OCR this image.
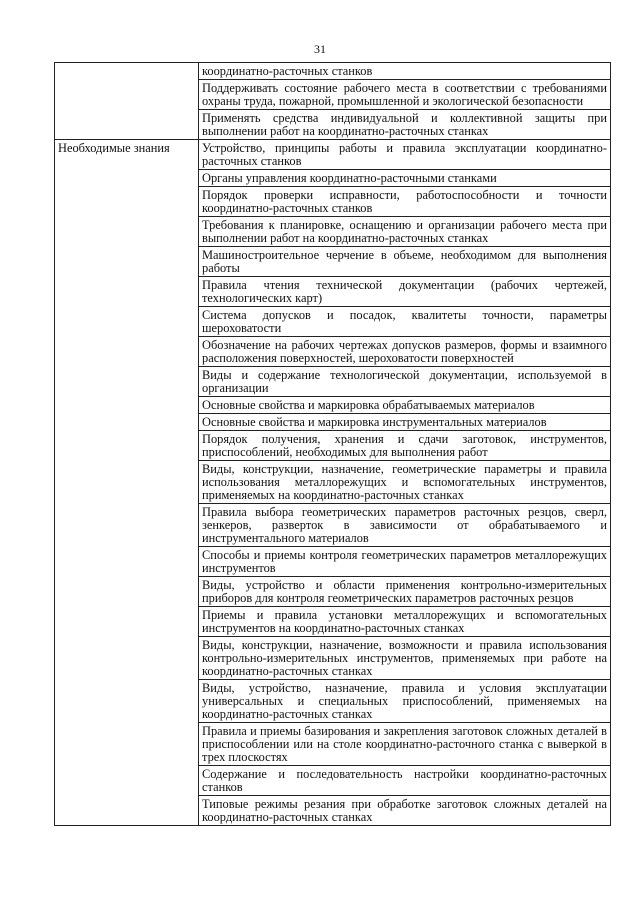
31
	координатно-расточных станков
	Поддерживать состояние рабочего места в соответствии с требованиями охраны труда, пожарной, промышленной и экологической безопасности
	Применять средства индивидуальной и коллективной защиты при выполнении работ на координатно-расточных станках
Необходимые знания	Устройство, принципы работы и правила эксплуатации координатно-расточных станков
	Органы управления координатно-расточными станками
	Порядок проверки исправности, работоспособности и точности координатно-расточных станков
	Требования к планировке, оснащению и организации рабочего места при выполнении работ на координатно-расточных станках
	Машиностроительное черчение в объеме, необходимом для выполнения работы
	Правила чтения технической документации (рабочих чертежей, технологических карт)
	Система допусков и посадок, квалитеты точности, параметры шероховатости
	Обозначение на рабочих чертежах допусков размеров, формы и взаимного расположения поверхностей, шероховатости поверхностей
	Виды и содержание технологической документации, используемой в организации
	Основные свойства и маркировка обрабатываемых материалов
	Основные свойства и маркировка инструментальных материалов
	Порядок получения, хранения и сдачи заготовок, инструментов, приспособлений, необходимых для выполнения работ
	Виды, конструкции, назначение, геометрические параметры и правила использования металлорежущих и вспомогательных инструментов, применяемых на координатно-расточных станках
	Правила выбора геометрических параметров расточных резцов, сверл, зенкеров, разверток в зависимости от обрабатываемого и инструментального материалов
	Способы и приемы контроля геометрических параметров металлорежущих инструментов
	Виды, устройство и области применения контрольно-измерительных приборов для контроля геометрических параметров расточных резцов
	Приемы и правила установки металлорежущих и вспомогательных инструментов на координатно-расточных станках
	Виды, конструкции, назначение, возможности и правила использования контрольно-измерительных инструментов, применяемых при работе на координатно-расточных станках
	Виды, устройство, назначение, правила и условия эксплуатации универсальных и специальных приспособлений, применяемых на координатно-расточных станках
	Правила и приемы базирования и закрепления заготовок сложных деталей в приспособлении или на столе координатно-расточного станка с выверкой в трех плоскостях
	Содержание и последовательность настройки координатно-расточных станков
	Типовые режимы резания при обработке заготовок сложных деталей на координатно-расточных станках
